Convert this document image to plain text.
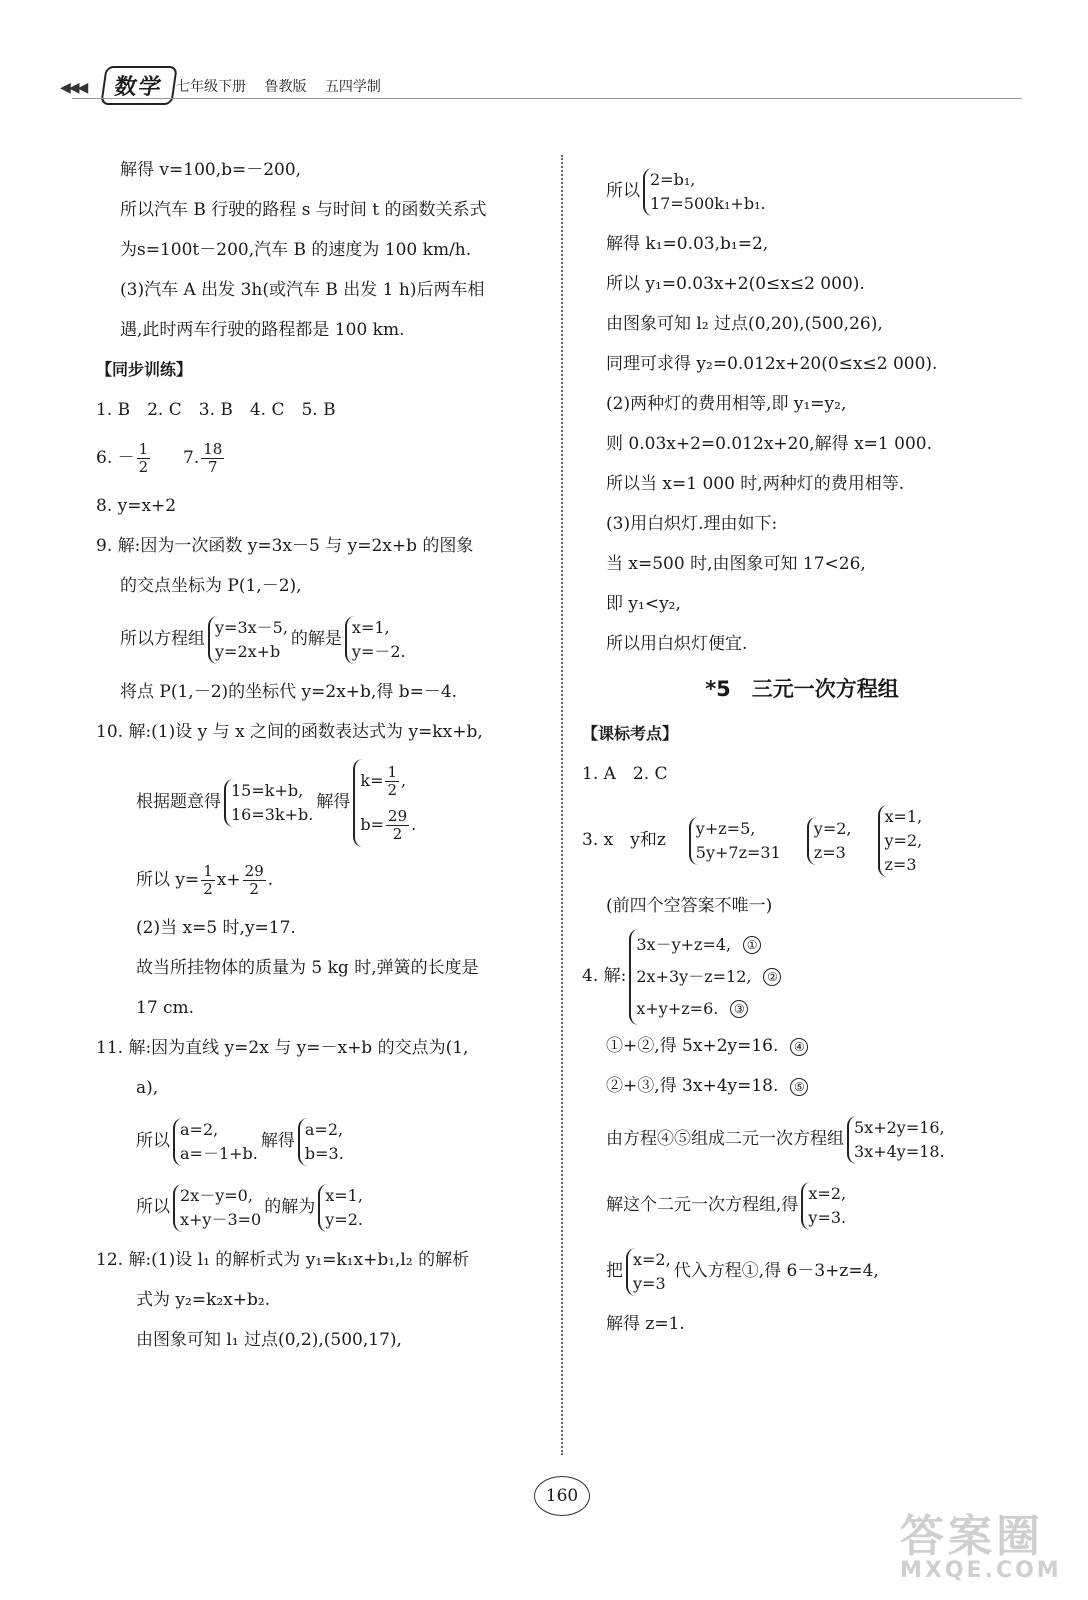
◀◀◀	数学 七年级下册 鲁教版 五四学制
解得 v=100,b=－200,
所以汽车 B 行驶的路程 s 与时间 t 的函数关系式
为s=100t－200,汽车 B 的速度为 100 km/h.
(3)汽车 A 出发 3h(或汽车 B 出发 1 h)后两车相
遇,此时两车行驶的路程都是 100 km.
【同步训练】
1. B　2. C　3. B　4. C　5. B
6. － $\frac{1}{2} 7$. $\frac{18}{7}$
8. y=x+2
9. 解:因为一次函数 y=3x－5 与 y=2x+b 的图象
的交点坐标为 P(1,－2),
所以方程组
y=3x－5,
y=2x+b
的解是
x=1,
y=－2.
将点 P(1,－2)的坐标代 y=2x+b,得 b=－4.
10. 解:(1)设 y 与 x 之间的函数表达式为 y=kx+b,
根据题意得
15=k+b,
16=3k+b.
解得
$k= \frac{1}{2}$ ,
$b= \frac{29}{2}$ .
所以 $y= \frac{1}{2} x+ \frac{29}{2}$ .
(2)当 x=5 时,y=17.
故当所挂物体的质量为 5 kg 时,弹簧的长度是
17 cm.
11. 解:因为直线 y=2x 与 y=－x+b 的交点为(1,
a),
所以
a=2,
a=－1+b.
解得
a=2,
b=3.
所以
2x－y=0,
x+y－3=0
的解为
x=1,
y=2.
12. 解:(1)设 l₁ 的解析式为 y₁=k₁x+b₁,l₂ 的解析
式为 y₂=k₂x+b₂.
由图象可知 l₁ 过点(0,2),(500,17),
所以
2=b₁,
17=500k₁+b₁.
解得 k₁=0.03,b₁=2,
所以 y₁=0.03x+2(0≤x≤2 000).
由图象可知 l₂ 过点(0,20),(500,26),
同理可求得 y₂=0.012x+20(0≤x≤2 000).
(2)两种灯的费用相等,即 y₁=y₂,
则 0.03x+2=0.012x+20,解得 x=1 000.
所以当 x=1 000 时,两种灯的费用相等.
(3)用白炽灯.理由如下:
当 x=500 时,由图象可知 17<26,
即 y₁<y₂,
所以用白炽灯便宜.
*5　三元一次方程组
【课标考点】
1. A　2. C
3. x　y和z
y+z=5,
5y+7z=31
y=2,
z=3
x=1,
y=2,
z=3
(前四个空答案不唯一)
4. 解:
3x－y+z=4, ①
2x+3y－z=12, ②
x+y+z=6. ③
①+②,得 5x+2y=16. ④
②+③,得 3x+4y=18. ⑤
由方程④⑤组成二元一次方程组
5x+2y=16,
3x+4y=18.
解这个二元一次方程组,得
x=2,
y=3.
把
x=2,
y=3
代入方程①,得 6－3+z=4,
解得 z=1.
160
答案圈
MXQE.COM
